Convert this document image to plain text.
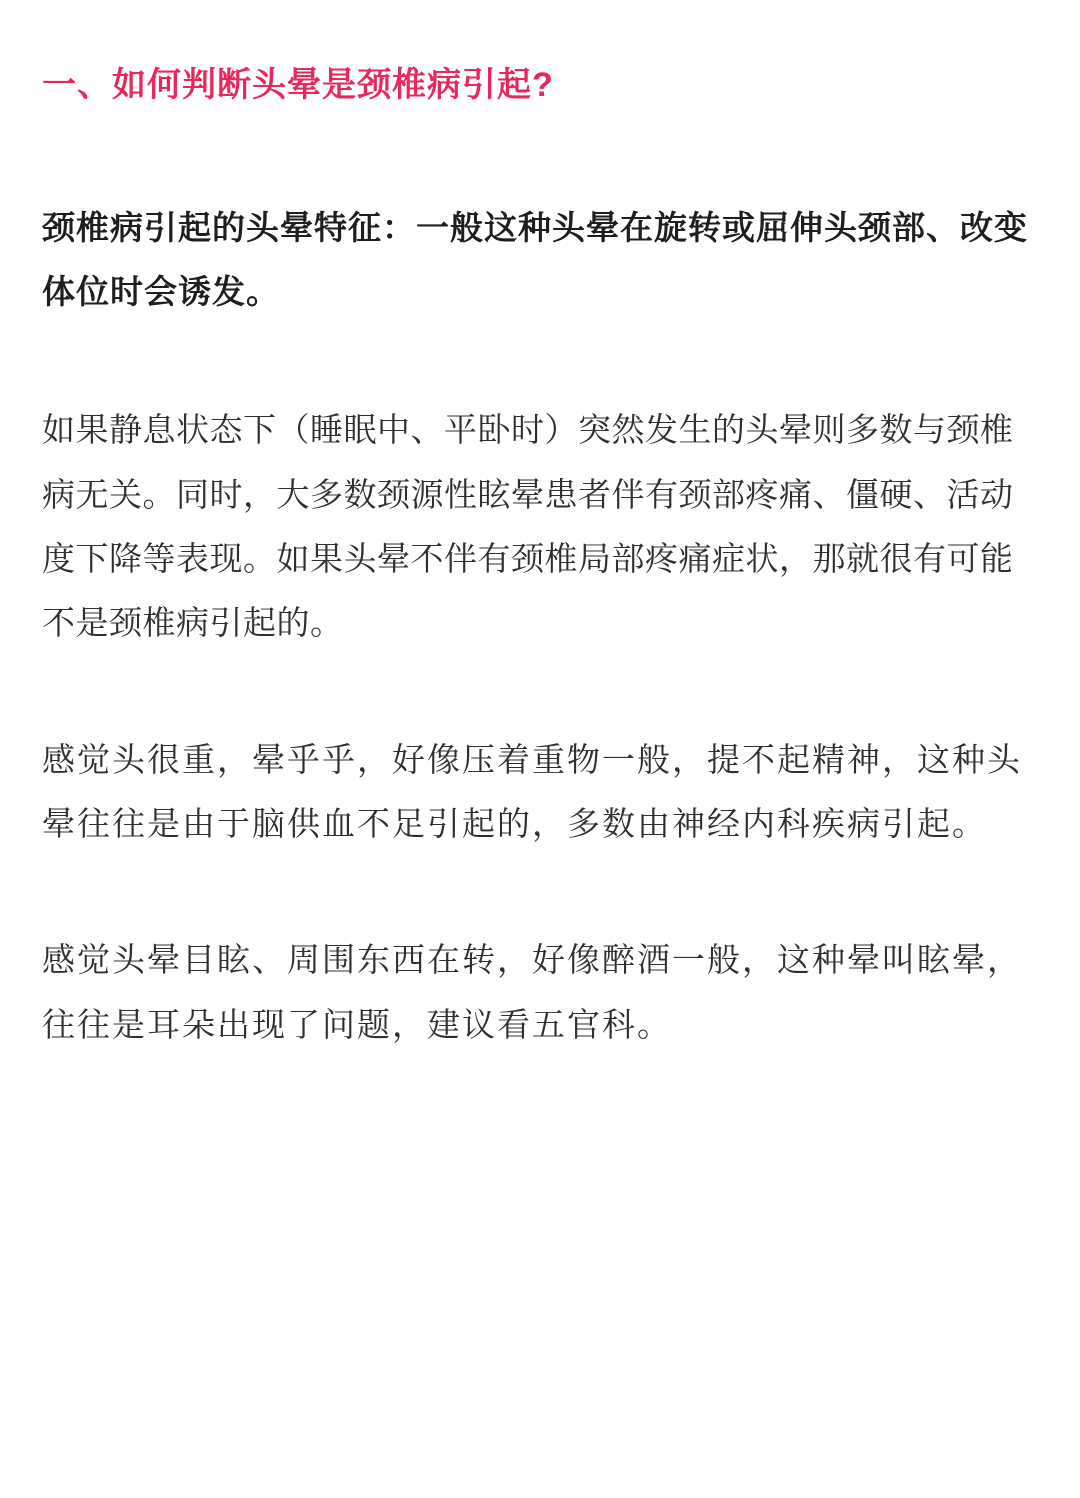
一、如何判断头晕是颈椎病引起?

颈椎病引起的头晕特征：一般这种头晕在旋转或屈伸头颈部、改变体位时会诱发。

如果静息状态下（睡眠中、平卧时）突然发生的头晕则多数与颈椎病无关。同时，大多数颈源性眩晕患者伴有颈部疼痛、僵硬、活动度下降等表现。如果头晕不伴有颈椎局部疼痛症状，那就很有可能不是颈椎病引起的。

感觉头很重，晕乎乎，好像压着重物一般，提不起精神，这种头晕往往是由于脑供血不足引起的，多数由神经内科疾病引起。

感觉头晕目眩、周围东西在转，好像醉酒一般，这种晕叫眩晕，往往是耳朵出现了问题，建议看五官科。
